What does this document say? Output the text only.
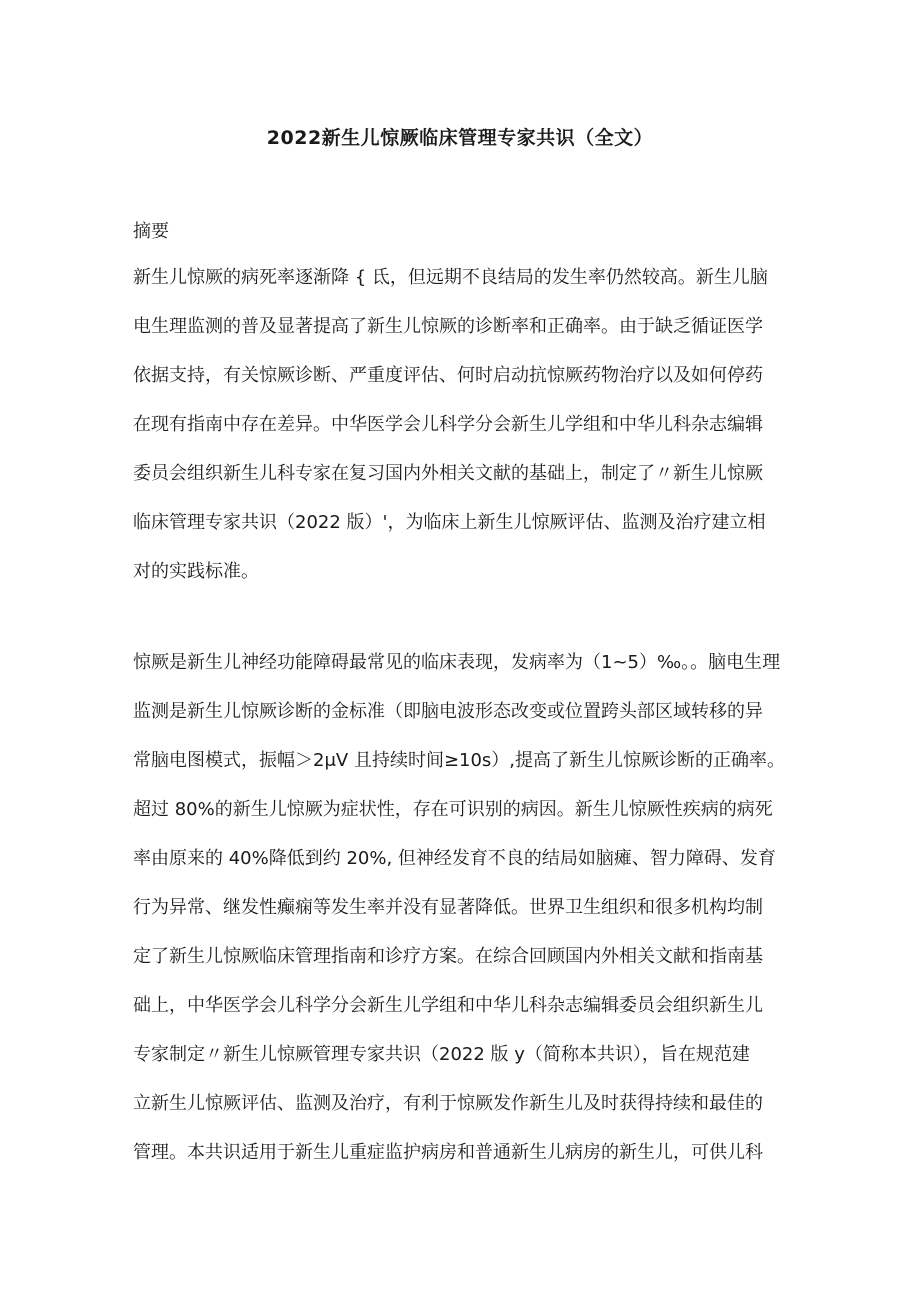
2022新生儿惊厥临床管理专家共识（全文）
摘要

新生儿惊厥的病死率逐渐降 { 氐，但远期不良结局的发生率仍然较高。新生儿脑
电生理监测的普及显著提高了新生儿惊厥的诊断率和正确率。由于缺乏循证医学
依据支持，有关惊厥诊断、严重度评估、何时启动抗惊厥药物治疗以及如何停药
在现有指南中存在差异。中华医学会儿科学分会新生儿学组和中华儿科杂志编辑
委员会组织新生儿科专家在复习国内外相关文献的基础上，制定了〃新生儿惊厥
临床管理专家共识（2022 版）'，为临床上新生儿惊厥评估、监测及治疗建立相
对的实践标准。

惊厥是新生儿神经功能障碍最常见的临床表现，发病率为（1~5）‰。。脑电生理
监测是新生儿惊厥诊断的金标准（即脑电波形态改变或位置跨头部区域转移的异
常脑电图模式，振幅＞2μV 且持续时间≥10s）,提高了新生儿惊厥诊断的正确率。
超过 80%的新生儿惊厥为症状性，存在可识别的病因。新生儿惊厥性疾病的病死
率由原来的 40%降低到约 20%, 但神经发育不良的结局如脑瘫、智力障碍、发育
行为异常、继发性癫痫等发生率并没有显著降低。世界卫生组织和很多机构均制
定了新生儿惊厥临床管理指南和诊疗方案。在综合回顾国内外相关文献和指南基
础上，中华医学会儿科学分会新生儿学组和中华儿科杂志编辑委员会组织新生儿
专家制定〃新生儿惊厥管理专家共识（2022 版 y（简称本共识），旨在规范建
立新生儿惊厥评估、监测及治疗，有利于惊厥发作新生儿及时获得持续和最佳的
管理。本共识适用于新生儿重症监护病房和普通新生儿病房的新生儿，可供儿科
